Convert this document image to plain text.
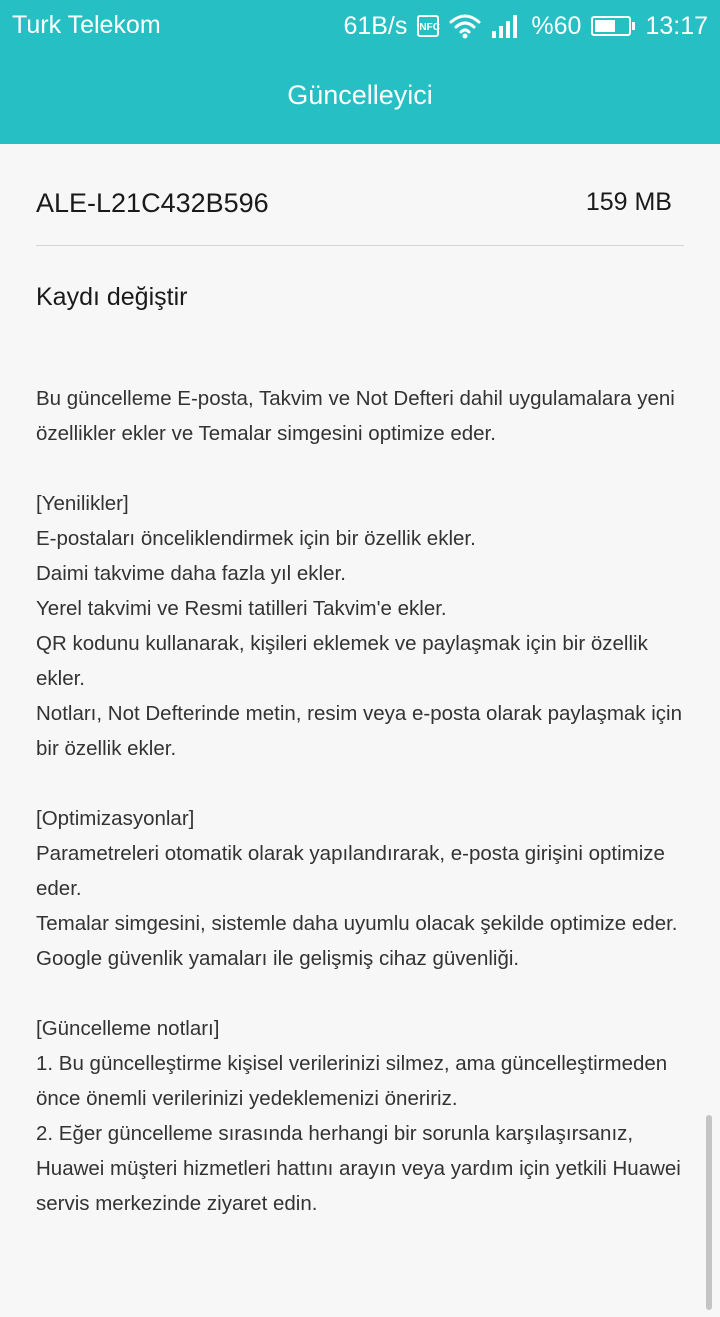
Turk Telekom	61B/s NFC	%60	13:17
Güncelleyici
ALE-L21C432B596	159 MB
Kaydı değiştir
Bu güncelleme E-posta, Takvim ve Not Defteri dahil uygulamalara yeni özellikler ekler ve Temalar simgesini optimize eder.

[Yenilikler]
E-postaları önceliklendirmek için bir özellik ekler.
Daimi takvime daha fazla yıl ekler.
Yerel takvimi ve Resmi tatilleri Takvim'e ekler.
QR kodunu kullanarak, kişileri eklemek ve paylaşmak için bir özellik ekler.
Notları, Not Defterinde metin, resim veya e-posta olarak paylaşmak için bir özellik ekler.

[Optimizasyonlar]
Parametreleri otomatik olarak yapılandırarak, e-posta girişini optimize eder.
Temalar simgesini, sistemle daha uyumlu olacak şekilde optimize eder.
Google güvenlik yamaları ile gelişmiş cihaz güvenliği.

[Güncelleme notları]
1. Bu güncelleştirme kişisel verilerinizi silmez, ama güncelleştirmeden önce önemli verilerinizi yedeklemenizi öneririz.
2. Eğer güncelleme sırasında herhangi bir sorunla karşılaşırsanız, Huawei müşteri hizmetleri hattını arayın veya yardım için yetkili Huawei servis merkezinde ziyaret edin.
